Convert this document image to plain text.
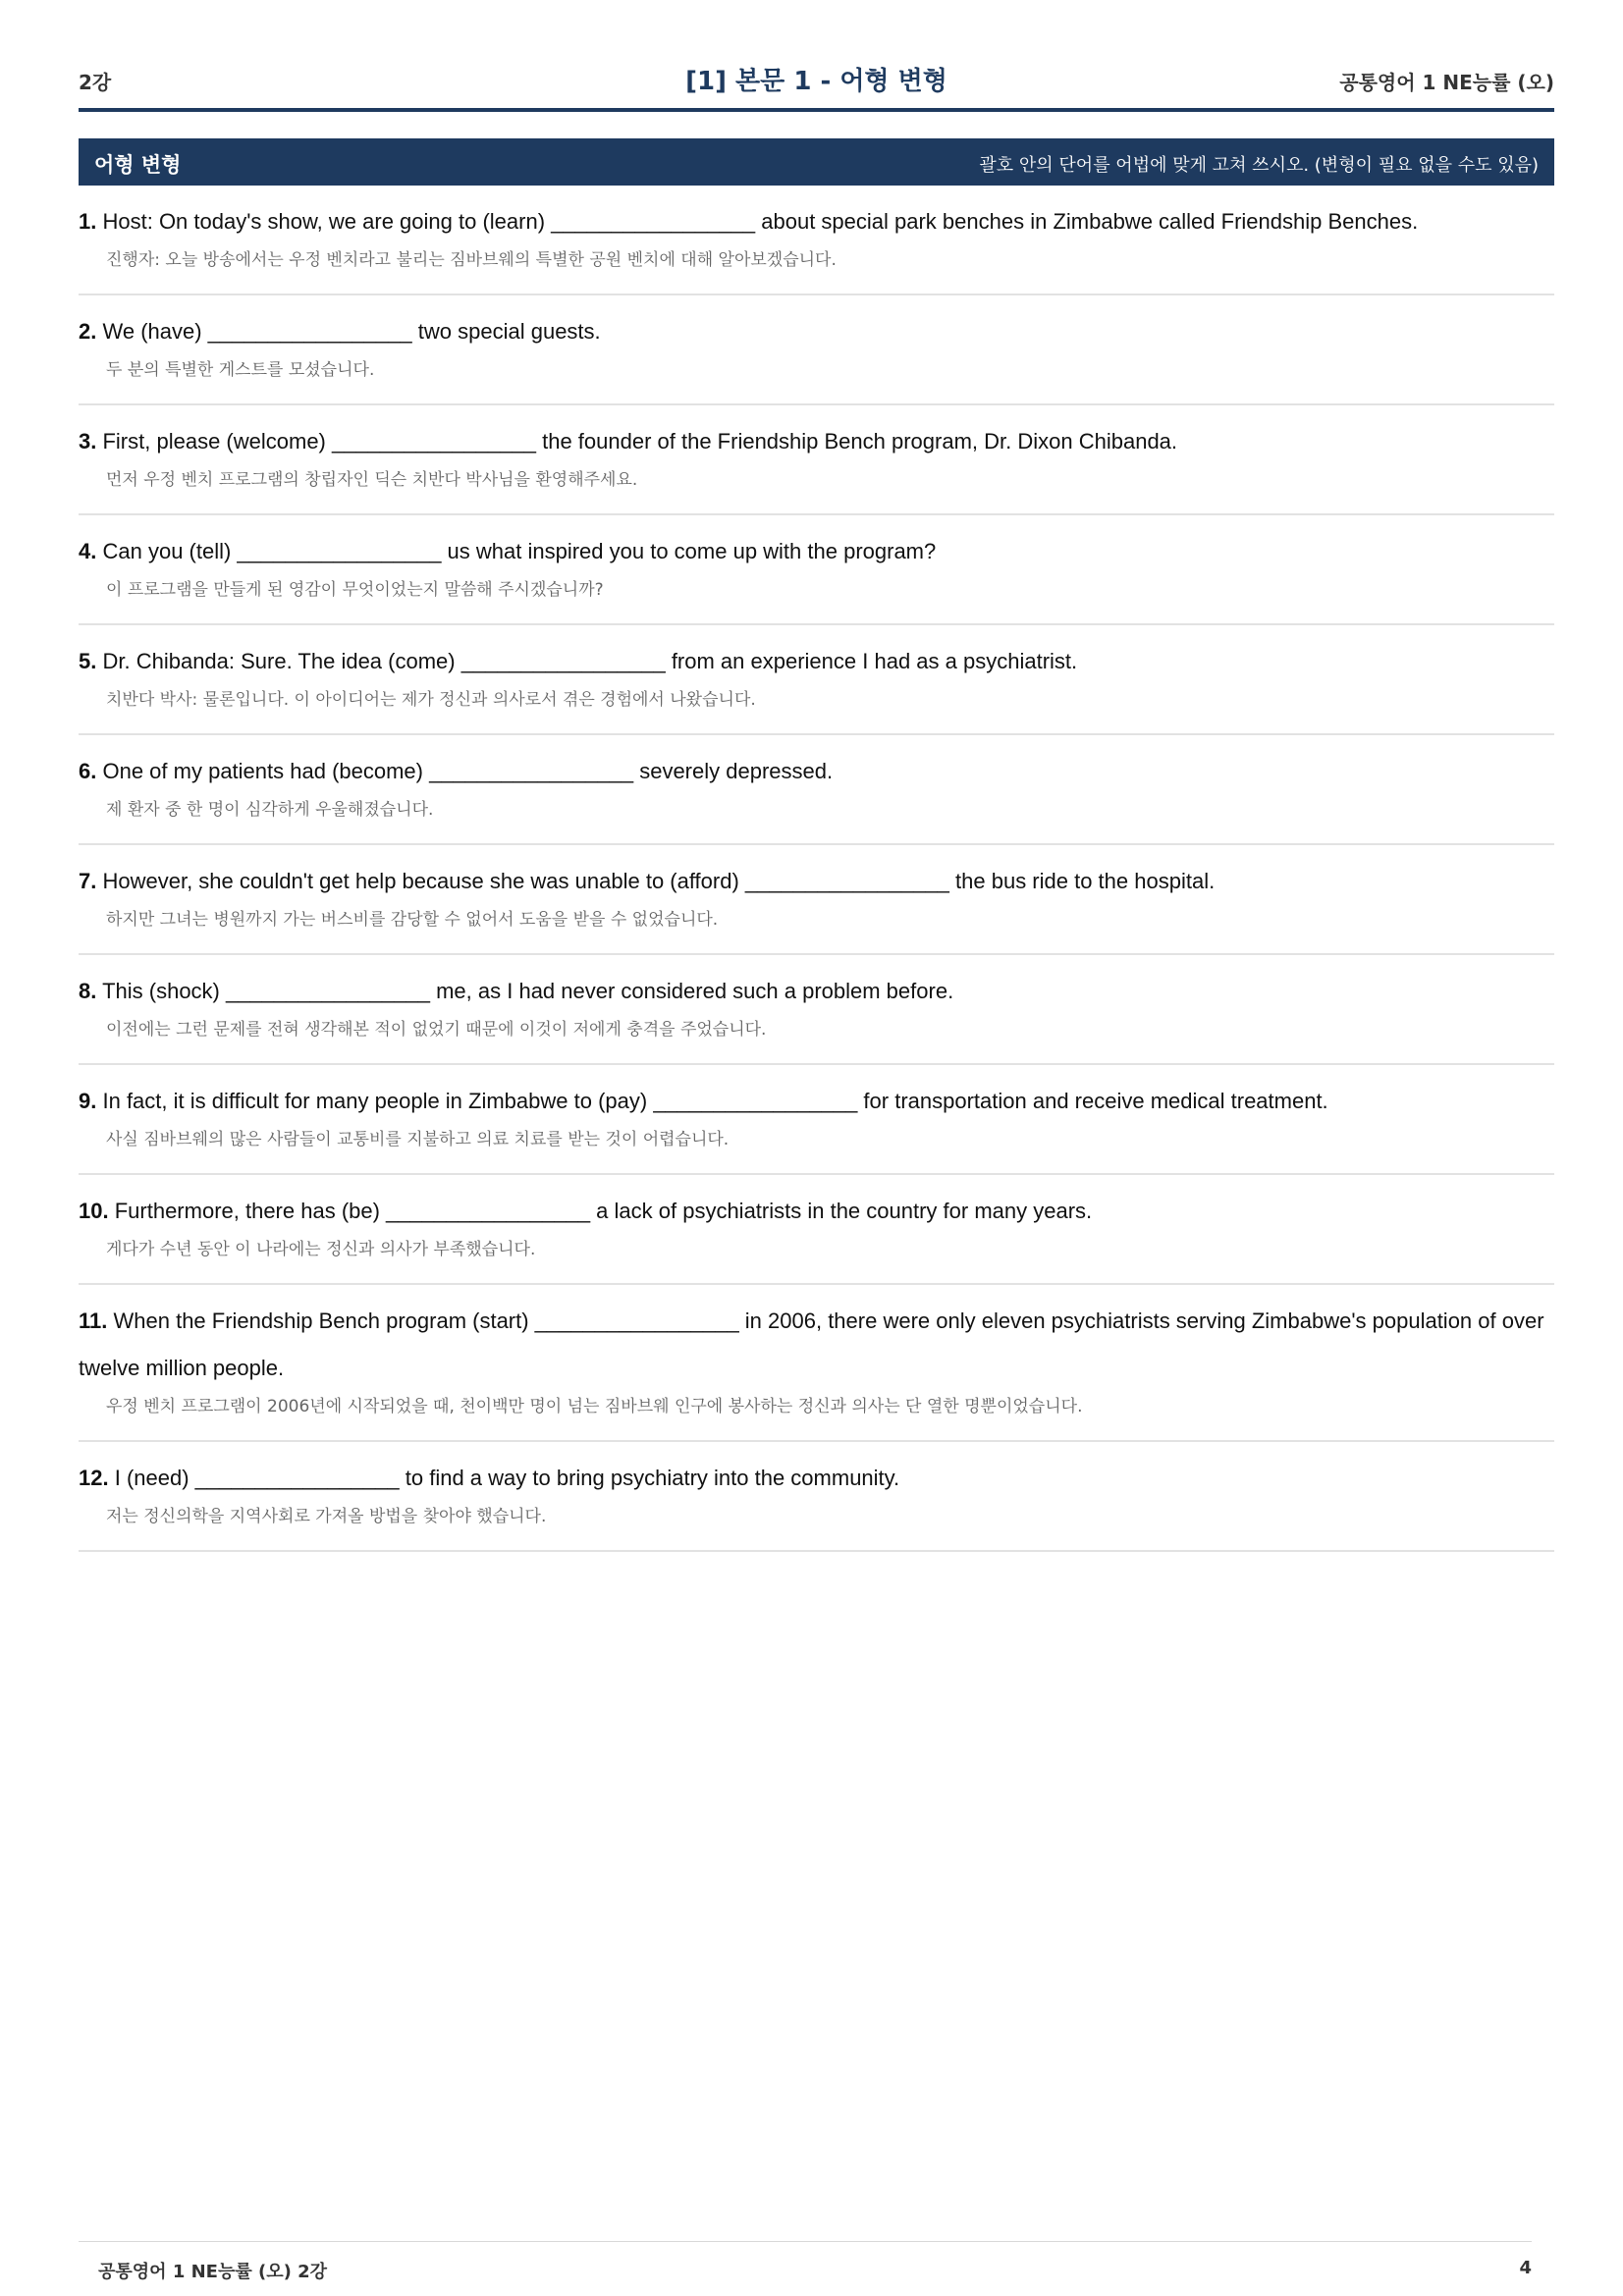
2강	[1] 본문 1 - 어형 변형	공통영어 1 NE능률 (오)
어형 변형	괄호 안의 단어를 어법에 맞게 고쳐 쓰시오. (변형이 필요 없을 수도 있음)
1. Host: On today's show, we are going to (learn) _________________ about special park benches in Zimbabwe called Friendship Benches.
진행자: 오늘 방송에서는 우정 벤치라고 불리는 짐바브웨의 특별한 공원 벤치에 대해 알아보겠습니다.
2. We (have) _________________ two special guests.
두 분의 특별한 게스트를 모셨습니다.
3. First, please (welcome) _________________ the founder of the Friendship Bench program, Dr. Dixon Chibanda.
먼저 우정 벤치 프로그램의 창립자인 딕슨 치반다 박사님을 환영해주세요.
4. Can you (tell) _________________ us what inspired you to come up with the program?
이 프로그램을 만들게 된 영감이 무엇이었는지 말씀해 주시겠습니까?
5. Dr. Chibanda: Sure. The idea (come) _________________ from an experience I had as a psychiatrist.
치반다 박사: 물론입니다. 이 아이디어는 제가 정신과 의사로서 겪은 경험에서 나왔습니다.
6. One of my patients had (become) _________________ severely depressed.
제 환자 중 한 명이 심각하게 우울해졌습니다.
7. However, she couldn't get help because she was unable to (afford) _________________ the bus ride to the hospital.
하지만 그녀는 병원까지 가는 버스비를 감당할 수 없어서 도움을 받을 수 없었습니다.
8. This (shock) _________________ me, as I had never considered such a problem before.
이전에는 그런 문제를 전혀 생각해본 적이 없었기 때문에 이것이 저에게 충격을 주었습니다.
9. In fact, it is difficult for many people in Zimbabwe to (pay) _________________ for transportation and receive medical treatment.
사실 짐바브웨의 많은 사람들이 교통비를 지불하고 의료 치료를 받는 것이 어렵습니다.
10. Furthermore, there has (be) _________________ a lack of psychiatrists in the country for many years.
게다가 수년 동안 이 나라에는 정신과 의사가 부족했습니다.
11. When the Friendship Bench program (start) _________________ in 2006, there were only eleven psychiatrists serving Zimbabwe's population of over twelve million people.
우정 벤치 프로그램이 2006년에 시작되었을 때, 천이백만 명이 넘는 짐바브웨 인구에 봉사하는 정신과 의사는 단 열한 명뿐이었습니다.
12. I (need) _________________ to find a way to bring psychiatry into the community.
저는 정신의학을 지역사회로 가져올 방법을 찾아야 했습니다.
공통영어 1 NE능률 (오) 2강	4
